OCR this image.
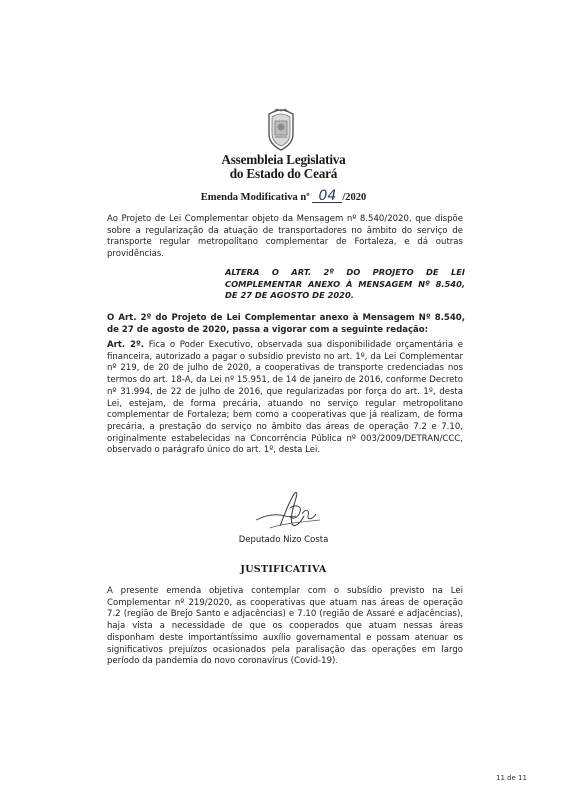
Assembleia Legislativa
do Estado do Ceará
Emenda Modificativa nº 04 /2020
Ao Projeto de Lei Complementar objeto da Mensagem nº 8.540/2020, que dispõe sobre a regularização da atuação de transportadores no âmbito do serviço de transporte regular metropolitano complementar de Fortaleza, e dá outras providências.
ALTERA O ART. 2º DO PROJETO DE LEI COMPLEMENTAR ANEXO À MENSAGEM Nº 8.540, DE 27 DE AGOSTO DE 2020.
O Art. 2º do Projeto de Lei Complementar anexo à Mensagem Nº 8.540, de 27 de agosto de 2020, passa a vigorar com a seguinte redação:
Art. 2º. Fica o Poder Executivo, observada sua disponibilidade orçamentária e financeira, autorizado a pagar o subsídio previsto no art. 1º, da Lei Complementar nº 219, de 20 de julho de 2020, a cooperativas de transporte credenciadas nos termos do art. 18-A, da Lei nº 15.951, de 14 de janeiro de 2016, conforme Decreto nº 31.994, de 22 de julho de 2016, que regularizadas por força do art. 1º, desta Lei, estejam, de forma precária, atuando no serviço regular metropolitano complementar de Fortaleza; bem como a cooperativas que já realizam, de forma precária, a prestação do serviço no âmbito das áreas de operação 7.2 e 7.10, originalmente estabelecidas na Concorrência Pública nº 003/2009/DETRAN/CCC, observado o parágrafo único do art. 1º, desta Lei.
Deputado Nizo Costa
JUSTIFICATIVA
A presente emenda objetiva contemplar com o subsídio previsto na Lei Complementar nº 219/2020, as cooperativas que atuam nas áreas de operação 7.2 (região de Brejo Santo e adjacências) e 7.10 (região de Assaré e adjacências), haja vista a necessidade de que os cooperados que atuam nessas áreas disponham deste importantíssimo auxílio governamental e possam atenuar os significativos prejuízos ocasionados pela paralisação das operações em largo período da pandemia do novo coronavírus (Covid-19).
11 de 11
